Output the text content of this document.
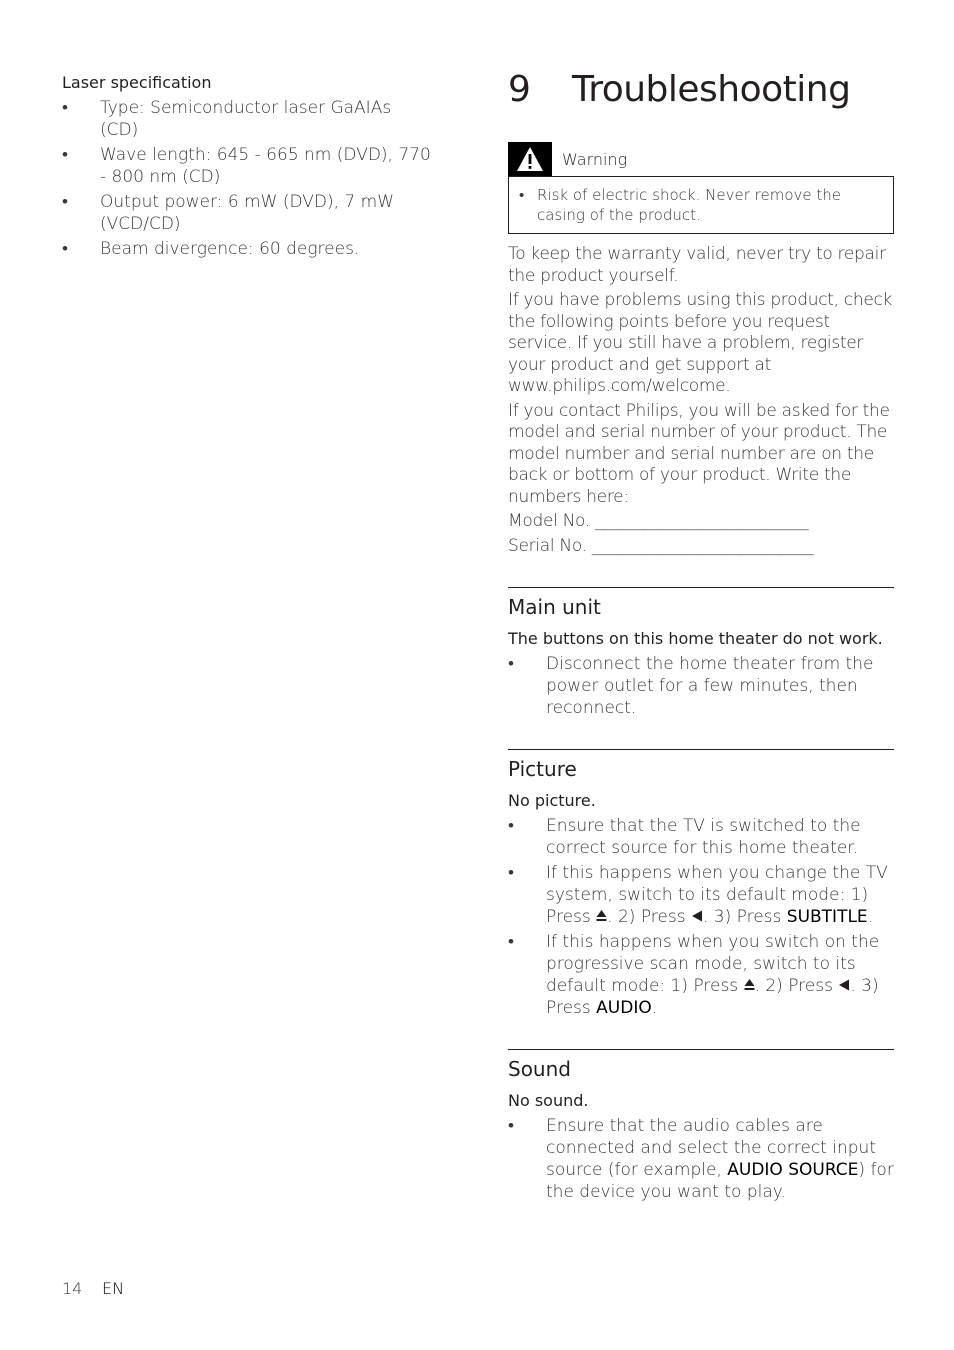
Laser specification

• Type: Semiconductor laser GaAIAs (CD)
• Wave length: 645 - 665 nm (DVD), 770 - 800 nm (CD)
• Output power: 6 mW (DVD), 7 mW (VCD/CD)
• Beam divergence: 60 degrees.
9	Troubleshooting
Warning
• Risk of electric shock. Never remove the casing of the product.

To keep the warranty valid, never try to repair the product yourself.

If you have problems using this product, check the following points before you request service. If you still have a problem, register your product and get support at www.philips.com/welcome.

If you contact Philips, you will be asked for the model and serial number of your product. The model number and serial number are on the back or bottom of your product. Write the numbers here:

Model No. __________________________

Serial No. ___________________________

Main unit

The buttons on this home theater do not work.

• Disconnect the home theater from the power outlet for a few minutes, then reconnect.
Picture

No picture.

• Ensure that the TV is switched to the correct source for this home theater.
• If this happens when you change the TV system, switch to its default mode: 1) Press . 2) Press . 3) Press SUBTITLE.
• If this happens when you switch on the progressive scan mode, switch to its default mode: 1) Press . 2) Press . 3) Press AUDIO.
Sound

No sound.

• Ensure that the audio cables are connected and select the correct input source (for example, AUDIO SOURCE) for the device you want to play.
14	EN
